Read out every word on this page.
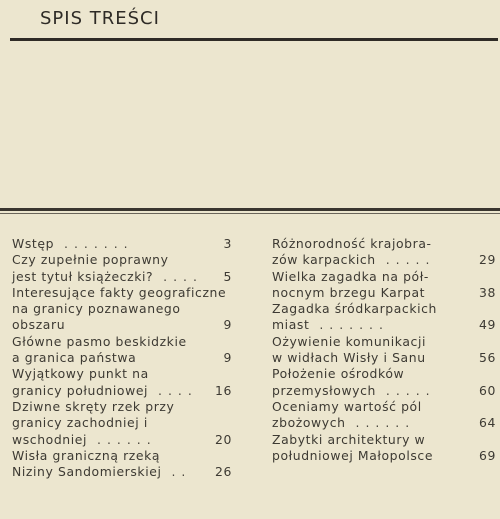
SPIS TREŚCI
Wstęp .......	3
Czy zupełnie poprawny
jest tytuł książeczki? .... 5
Interesujące fakty geograficzne
na granicy poznawanego
obszaru	9
Główne pasmo beskidzkie
a granica państwa	9
Wyjątkowy punkt na
granicy południowej .... 16
Dziwne skręty rzek przy
granicy zachodniej i
wschodniej ......	20
Wisła graniczną rzeką
Niziny Sandomierskiej .. 26
Różnorodność krajobra-
zów karpackich .....	29
Wielka zagadka na pół-
nocnym brzegu Karpat	38
Zagadka śródkarpackich
miast .......	49
Ożywienie komunikacji
w widłach Wisły i Sanu	56
Położenie ośrodków
przemysłowych .....	60
Oceniamy wartość pól
zbożowych ......	64
Zabytki architektury w
południowej Małopolsce	69
